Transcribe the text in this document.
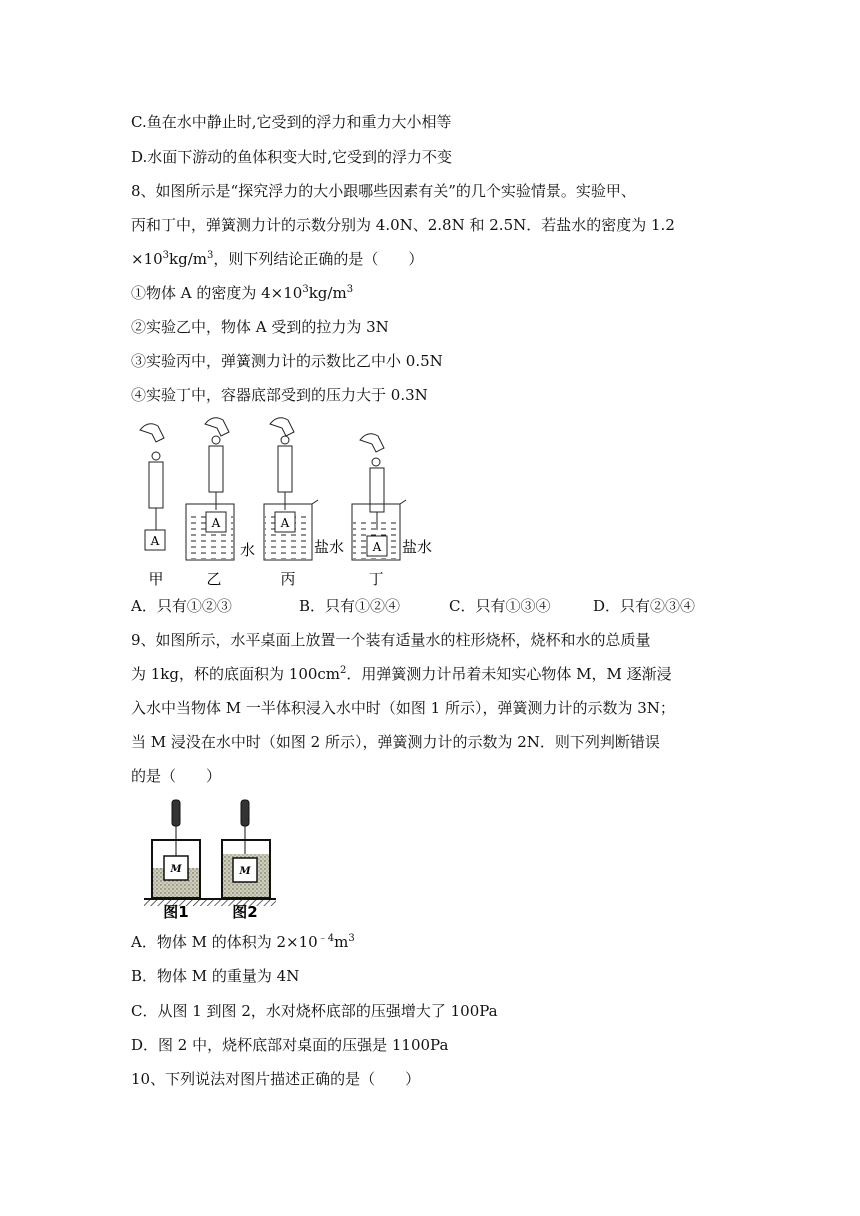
C.鱼在水中静止时,它受到的浮力和重力大小相等
D.水面下游动的鱼体积变大时,它受到的浮力不变
8、如图所示是“探究浮力的大小跟哪些因素有关”的几个实验情景。实验甲、
丙和丁中，弹簧测力计的示数分别为 4.0N、2.8N 和 2.5N．若盐水的密度为 1.2
$\times 10^3kg/m^3$，则下列结论正确的是（　　）
①物体 A 的密度为 $4\times 10^3kg/m^3$
②实验乙中，物体 A 受到的拉力为 3N
③实验丙中，弹簧测力计的示数比乙中小 0.5N
④实验丁中，容器底部受到的压力大于 0.3N
A
A	A
A
水	盐水	盐水
甲	乙	丙	丁
A．只有①②③	B．只有①②④	C．只有①③④	D．只有②③④
9、如图所示，水平桌面上放置一个装有适量水的柱形烧杯，烧杯和水的总质量
为 1kg，杯的底面积为 $100cm^2$．用弹簧测力计吊着未知实心物体 M，M 逐渐浸
入水中当物体 M 一半体积浸入水中时（如图 1 所示），弹簧测力计的示数为 3N；
当 M 浸没在水中时（如图 2 所示），弹簧测力计的示数为 2N．则下列判断错误
的是（　　）
M	M
图1	图2
A．物体 M 的体积为 $2\times 10^{﹣4}m^3$
B．物体 M 的重量为 4N
C．从图 1 到图 2，水对烧杯底部的压强增大了 100Pa
D．图 2 中，烧杯底部对桌面的压强是 1100Pa
10、下列说法对图片描述正确的是（　　）
